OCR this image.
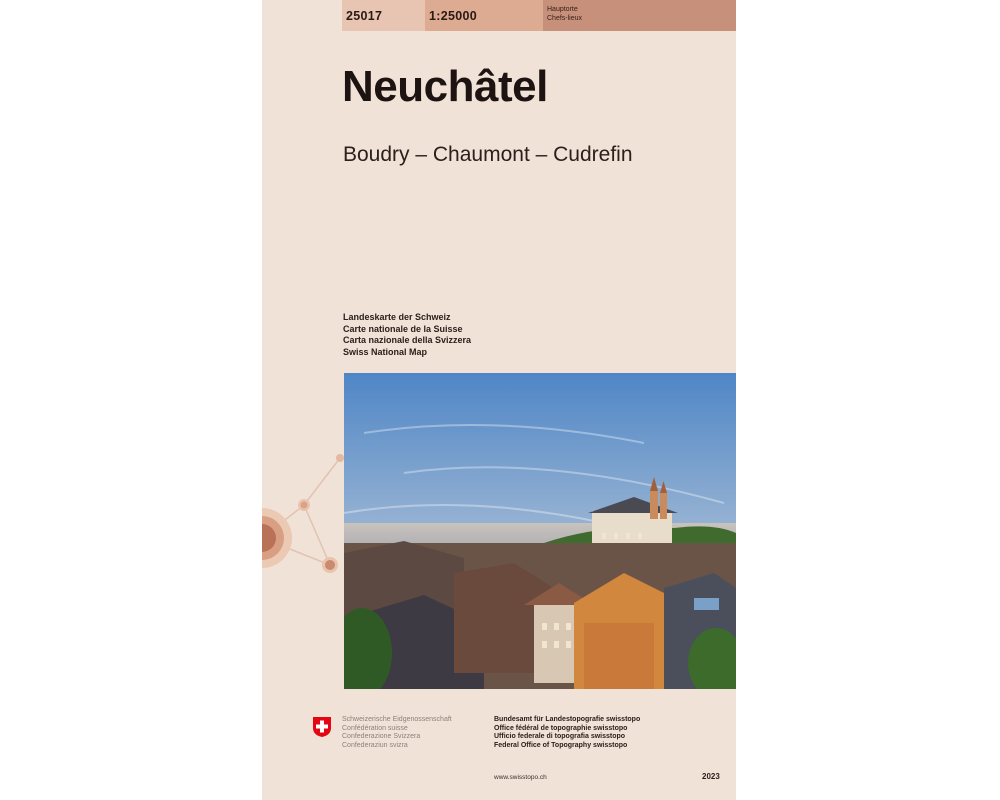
25017	1:25000	Hauptorte
Chefs-lieux
Neuchâtel
Boudry – Chaumont – Cudrefin
Landeskarte der Schweiz
Carte nationale de la Suisse
Carta nazionale della Svizzera
Swiss National Map
Schweizerische Eidgenossenschaft
Confédération suisse
Confederazione Svizzera
Confederaziun svizra
Bundesamt für Landestopografie swisstopo
Office fédéral de topographie swisstopo
Ufficio federale di topografia swisstopo
Federal Office of Topography swisstopo
www.swisstopo.ch	2023
